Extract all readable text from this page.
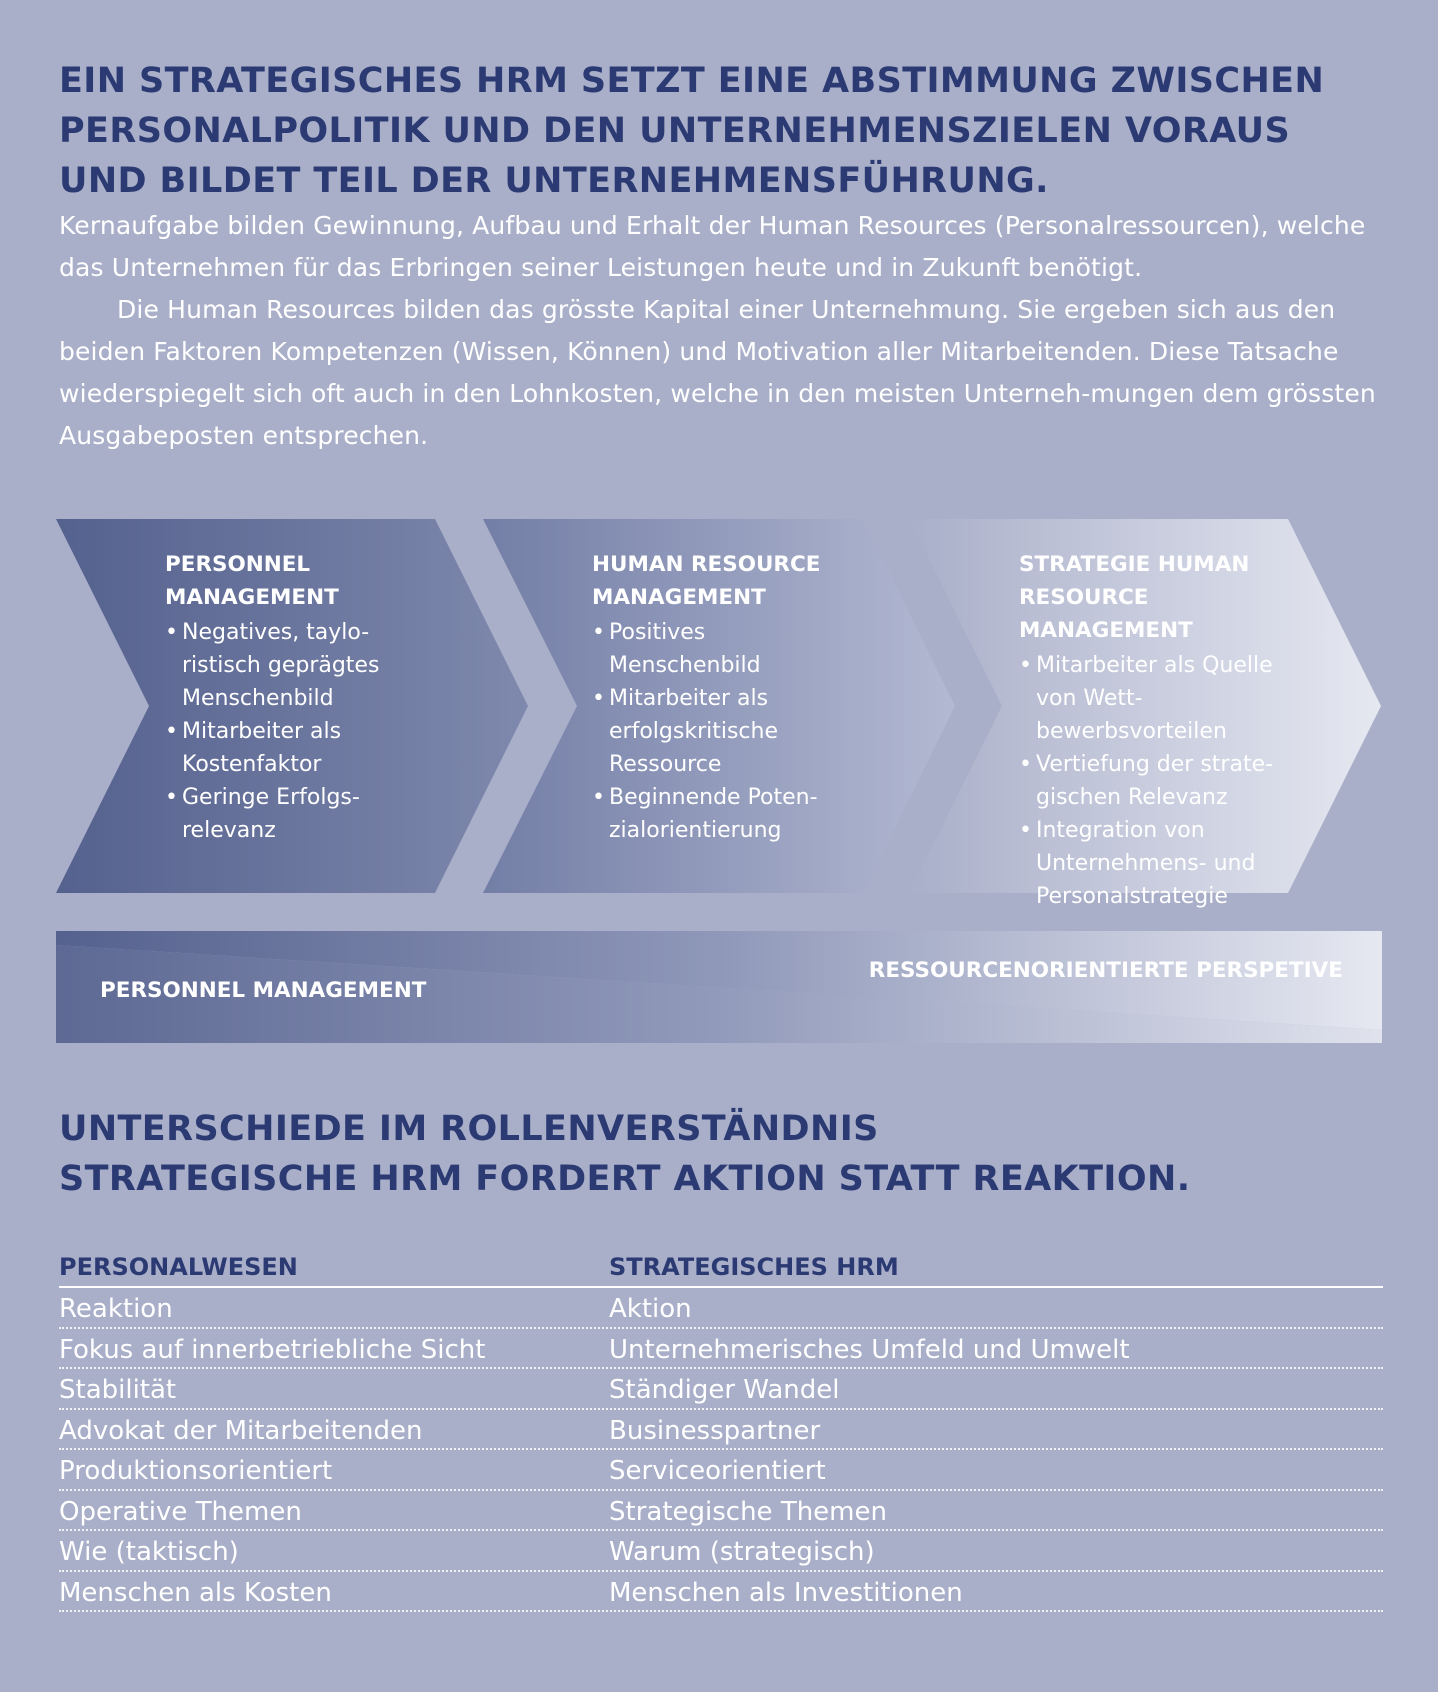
EIN STRATEGISCHES HRM SETZT EINE ABSTIMMUNG ZWISCHEN PERSONALPOLITIK UND DEN UNTERNEHMENSZIELEN VORAUS UND BILDET TEIL DER UNTERNEHMENSFÜHRUNG.

Kernaufgabe bilden Gewinnung, Aufbau und Erhalt der Human Resources (Personalressourcen), welche das Unternehmen für das Erbringen seiner Leistungen heute und in Zukunft benötigt.

Die Human Resources bilden das grösste Kapital einer Unternehmung. Sie ergeben sich aus den beiden Faktoren Kompetenzen (Wissen, Können) und Motivation aller Mitarbeitenden. Diese Tatsache wiederspiegelt sich oft auch in den Lohnkosten, welche in den meisten Unterneh-mungen dem grössten Ausgabeposten entsprechen.

PERSONNEL
MANAGEMENT
• Negatives, taylo-ristisch geprägtes Menschenbild
• Mitarbeiter als Kostenfaktor
• Geringe Erfolgs-relevanz
HUMAN RESOURCE
MANAGEMENT
• Positives Menschenbild
• Mitarbeiter als erfolgskritische Ressource
• Beginnende Poten-zialorientierung
STRATEGIE HUMAN
RESOURCE MANAGEMENT
• Mitarbeiter als Quelle von Wett-bewerbsvorteilen
• Vertiefung der strate-gischen Relevanz
• Integration von Unternehmens- und Personalstrategie
PERSONNEL MANAGEMENT
RESSOURCENORIENTIERTE PERSPETIVE
UNTERSCHIEDE IM ROLLENVERSTÄNDNIS
STRATEGISCHE HRM FORDERT AKTION STATT REAKTION.
PERSONALWESEN	STRATEGISCHES HRM
Reaktion	Aktion
Fokus auf innerbetriebliche Sicht	Unternehmerisches Umfeld und Umwelt
Stabilität	Ständiger Wandel
Advokat der Mitarbeitenden	Businesspartner
Produktionsorientiert	Serviceorientiert
Operative Themen	Strategische Themen
Wie (taktisch)	Warum (strategisch)
Menschen als Kosten	Menschen als Investitionen
